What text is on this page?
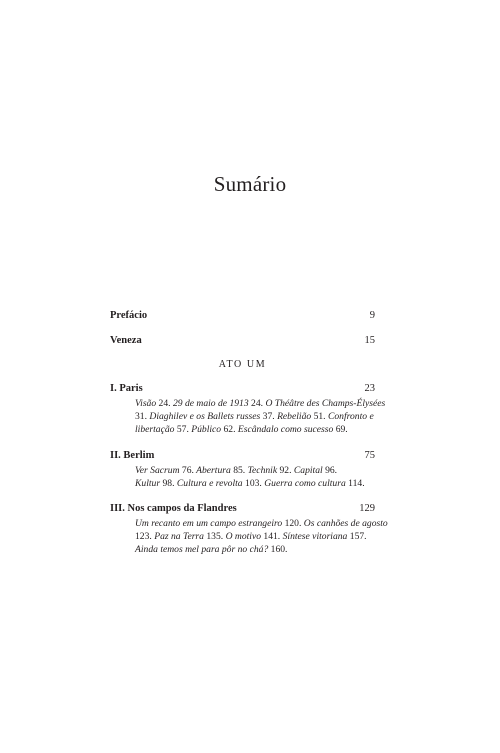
Sumário
Prefácio	9
Veneza	15
ATO UM
I. Paris	23
Visão 24. 29 de maio de 1913 24. O Théâtre des Champs-Élysées
31. Diaghilev e os Ballets russes 37. Rebelião 51. Confronto e
libertação 57. Público 62. Escândalo como sucesso 69.
II. Berlim	75
Ver Sacrum 76. Abertura 85. Technik 92. Capital 96.
Kultur 98. Cultura e revolta 103. Guerra como cultura 114.
III. Nos campos da Flandres	129
Um recanto em um campo estrangeiro 120. Os canhões de agosto
123. Paz na Terra 135. O motivo 141. Síntese vitoriana 157.
Ainda temos mel para pôr no chá? 160.
